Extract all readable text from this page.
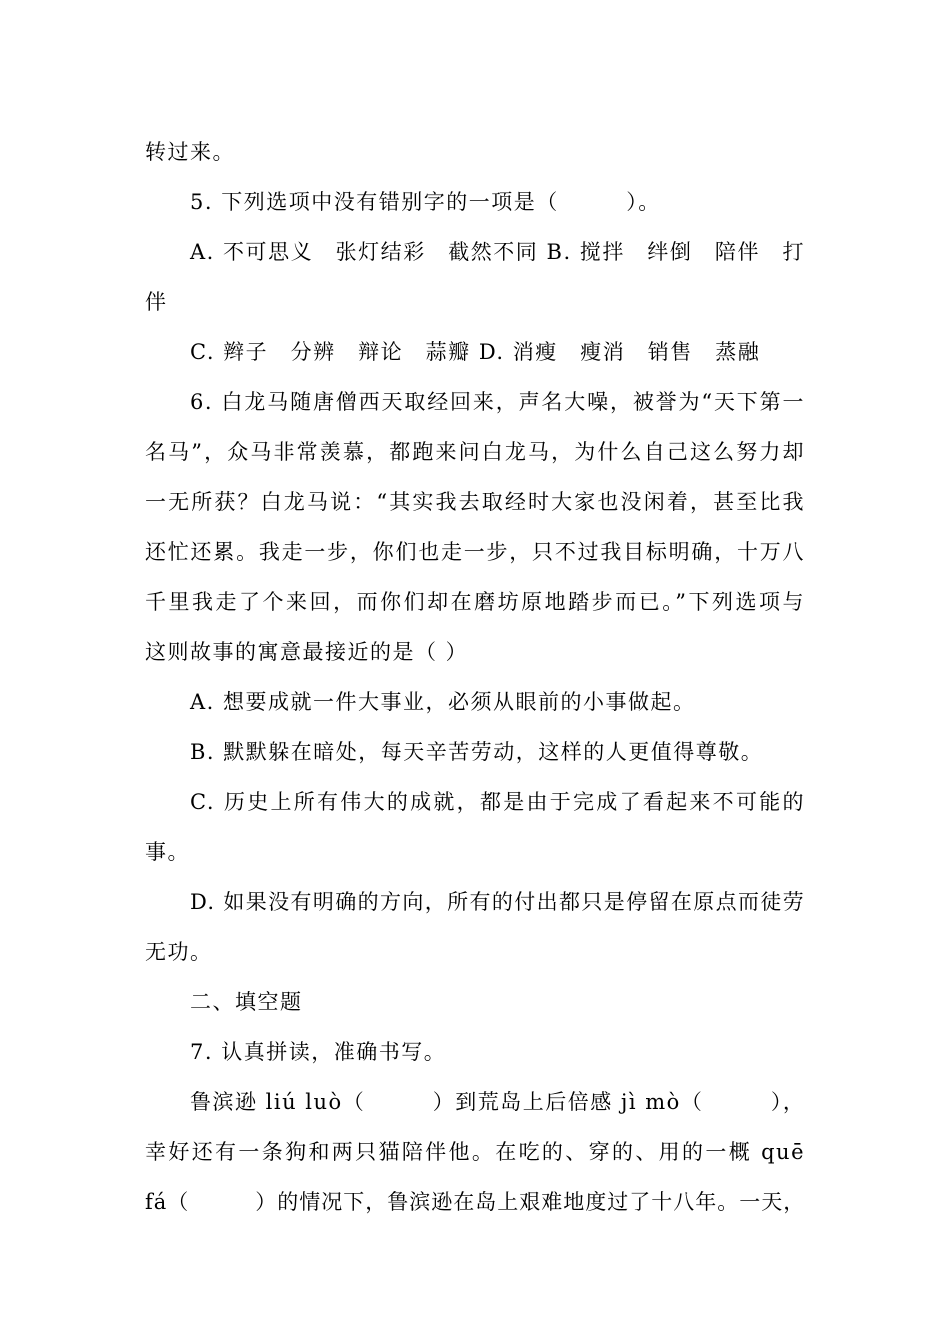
转过来。
5. 下列选项中没有错别字的一项是（　　　）。
A. 不可思义　张灯结彩　截然不同 B. 搅拌　绊倒　陪伴　打
伴
C. 辫子　分辨　辩论　蒜瓣 D. 消瘦　瘦消　销售　蒸融
6. 白龙马随唐僧西天取经回来，声名大噪，被誉为“天下第一
名马”，众马非常羡慕，都跑来问白龙马，为什么自己这么努力却
一无所获？白龙马说：“其实我去取经时大家也没闲着，甚至比我
还忙还累。我走一步，你们也走一步，只不过我目标明确，十万八
千里我走了个来回，而你们却在磨坊原地踏步而已。”下列选项与
这则故事的寓意最接近的是（ ）
A. 想要成就一件大事业，必须从眼前的小事做起。
B. 默默躲在暗处，每天辛苦劳动，这样的人更值得尊敬。
C. 历史上所有伟大的成就，都是由于完成了看起来不可能的
事。
D. 如果没有明确的方向，所有的付出都只是停留在原点而徒劳
无功。
二、填空题
7. 认真拼读，准确书写。
鲁滨逊 liú luò（　　　）到荒岛上后倍感 jì mò（　　　），
幸好还有一条狗和两只猫陪伴他。在吃的、穿的、用的一概 quē
fá（　　　）的情况下，鲁滨逊在岛上艰难地度过了十八年。一天，
